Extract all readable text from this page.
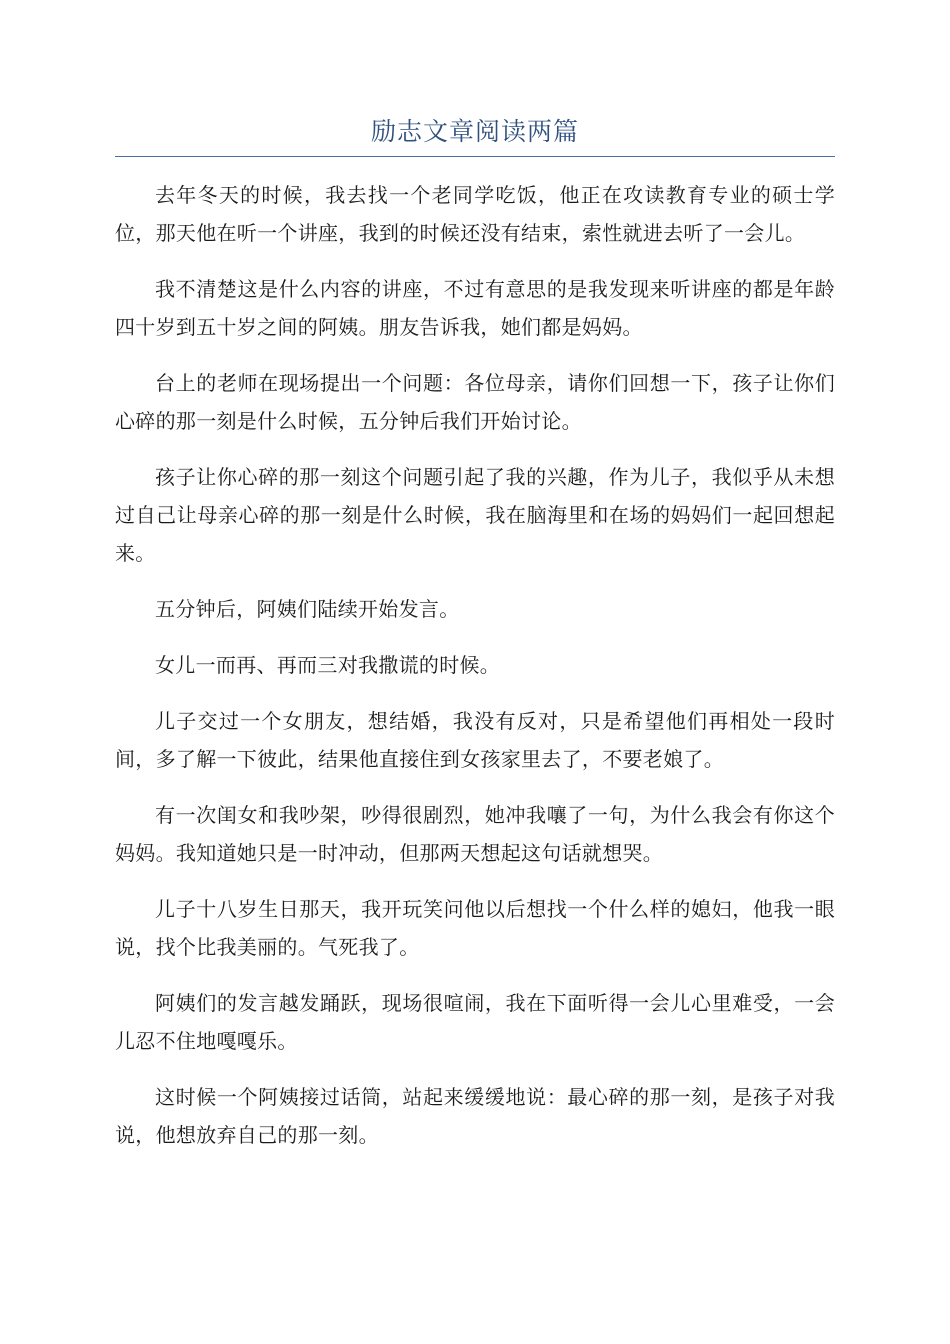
励志文章阅读两篇

去年冬天的时候，我去找一个老同学吃饭，他正在攻读教育专业的硕士学位，那天他在听一个讲座，我到的时候还没有结束，索性就进去听了一会儿。

我不清楚这是什么内容的讲座，不过有意思的是我发现来听讲座的都是年龄四十岁到五十岁之间的阿姨。朋友告诉我，她们都是妈妈。

台上的老师在现场提出一个问题：各位母亲，请你们回想一下，孩子让你们心碎的那一刻是什么时候，五分钟后我们开始讨论。

孩子让你心碎的那一刻这个问题引起了我的兴趣，作为儿子，我似乎从未想过自己让母亲心碎的那一刻是什么时候，我在脑海里和在场的妈妈们一起回想起来。

五分钟后，阿姨们陆续开始发言。

女儿一而再、再而三对我撒谎的时候。

儿子交过一个女朋友，想结婚，我没有反对，只是希望他们再相处一段时间，多了解一下彼此，结果他直接住到女孩家里去了，不要老娘了。

有一次闺女和我吵架，吵得很剧烈，她冲我嚷了一句，为什么我会有你这个妈妈。我知道她只是一时冲动，但那两天想起这句话就想哭。

儿子十八岁生日那天，我开玩笑问他以后想找一个什么样的媳妇，他我一眼说，找个比我美丽的。气死我了。

阿姨们的发言越发踊跃，现场很喧闹，我在下面听得一会儿心里难受，一会儿忍不住地嘎嘎乐。

这时候一个阿姨接过话筒，站起来缓缓地说：最心碎的那一刻，是孩子对我说，他想放弃自己的那一刻。
